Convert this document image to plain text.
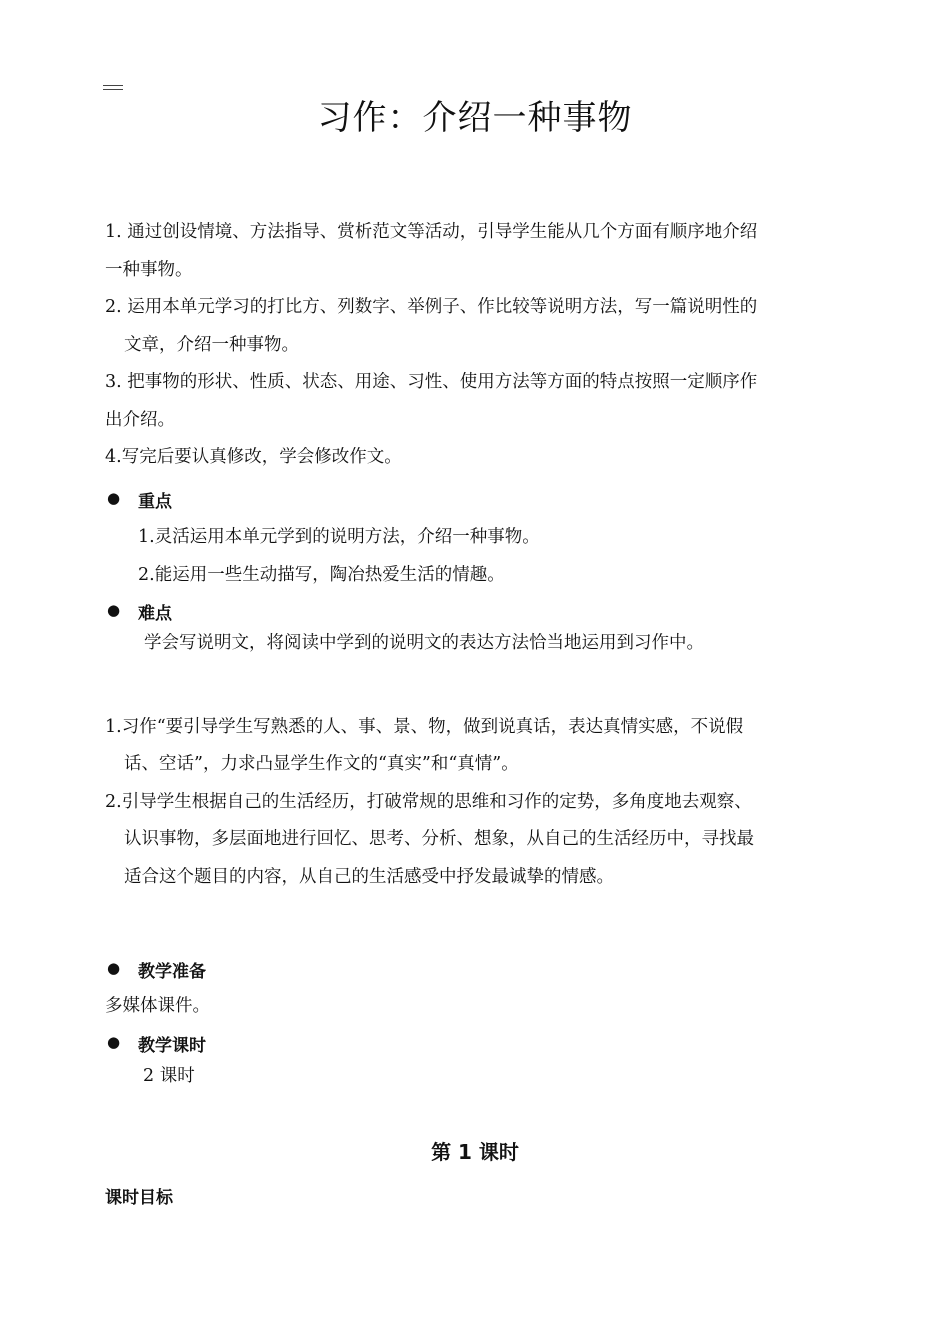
习作：介绍一种事物
1. 通过创设情境、方法指导、赏析范文等活动，引导学生能从几个方面有顺序地介绍
一种事物。
2. 运用本单元学习的打比方、列数字、举例子、作比较等说明方法，写一篇说明性的
文章，介绍一种事物。
3. 把事物的形状、性质、状态、用途、习性、使用方法等方面的特点按照一定顺序作
出介绍。
4.写完后要认真修改，学会修改作文。
● 重点
1.灵活运用本单元学到的说明方法，介绍一种事物。
2.能运用一些生动描写，陶冶热爱生活的情趣。
● 难点
学会写说明文，将阅读中学到的说明文的表达方法恰当地运用到习作中。
1.习作“要引导学生写熟悉的人、事、景、物，做到说真话，表达真情实感，不说假
话、空话”，力求凸显学生作文的“真实”和“真情”。
2.引导学生根据自己的生活经历，打破常规的思维和习作的定势，多角度地去观察、
认识事物，多层面地进行回忆、思考、分析、想象，从自己的生活经历中，寻找最
适合这个题目的内容，从自己的生活感受中抒发最诚挚的情感。
● 教学准备
多媒体课件。
● 教学课时
2 课时
第 1 课时
课时目标
